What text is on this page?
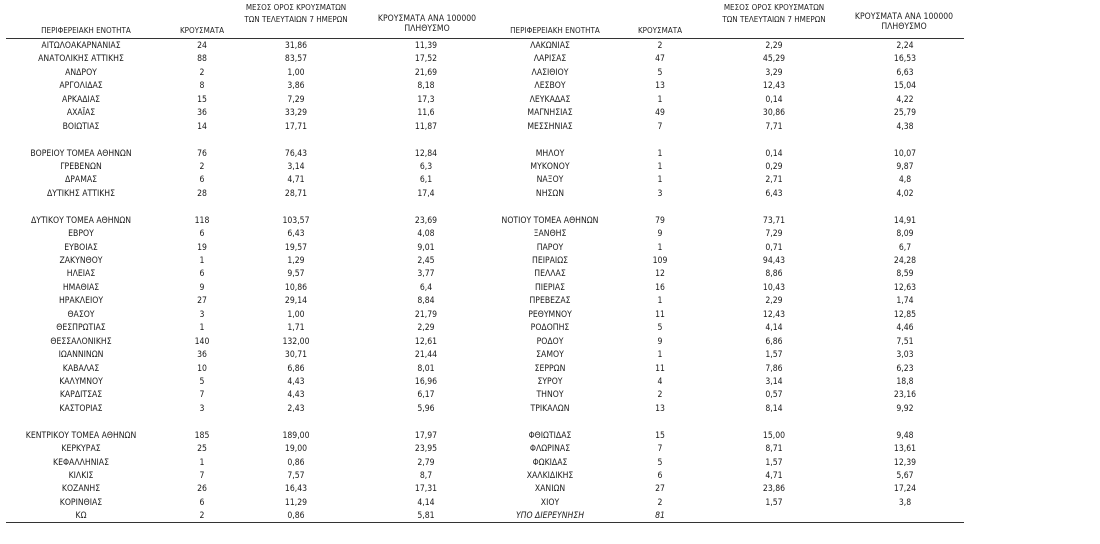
ΠΕΡΙΦΕΡΕΙΑΚΗ ΕΝΟΤΗΤΑ	ΚΡΟΥΣΜΑΤΑ
ΜΕΣΟΣ ΟΡΟΣ ΚΡΟΥΣΜΑΤΩΝ ΤΩΝ ΤΕΛΕΥΤΑΙΩΝ 7 ΗΜΕΡΩΝ	ΚΡΟΥΣΜΑΤΑ ΑΝΑ 100000 ΠΛΗΘΥΣΜΟ
ΑΙΤΩΛΟΑΚΑΡΝΑΝΙΑΣ	24	31,86	11,39
ΑΝΑΤΟΛΙΚΗΣ ΑΤΤΙΚΗΣ	88	83,57	17,52
ΑΝΔΡΟΥ	2	1,00	21,69
ΑΡΓΟΛΙΔΑΣ	8	3,86	8,18
ΑΡΚΑΔΙΑΣ	15	7,29	17,3
ΑΧΑΪΑΣ	36	33,29	11,6
ΒΟΙΩΤΙΑΣ	14	17,71	11,87
ΒΟΡΕΙΟΥ ΤΟΜΕΑ ΑΘΗΝΩΝ	76	76,43	12,84
ΓΡΕΒΕΝΩΝ	2	3,14	6,3
ΔΡΑΜΑΣ	6	4,71	6,1
ΔΥΤΙΚΗΣ ΑΤΤΙΚΗΣ	28	28,71	17,4
ΔΥΤΙΚΟΥ ΤΟΜΕΑ ΑΘΗΝΩΝ	118	103,57	23,69
ΕΒΡΟΥ	6	6,43	4,08
ΕΥΒΟΙΑΣ	19	19,57	9,01
ΖΑΚΥΝΘΟΥ	1	1,29	2,45
ΗΛΕΙΑΣ	6	9,57	3,77
ΗΜΑΘΙΑΣ	9	10,86	6,4
ΗΡΑΚΛΕΙΟΥ	27	29,14	8,84
ΘΑΣΟΥ	3	1,00	21,79
ΘΕΣΠΡΩΤΙΑΣ	1	1,71	2,29
ΘΕΣΣΑΛΟΝΙΚΗΣ	140	132,00	12,61
ΙΩΑΝΝΙΝΩΝ	36	30,71	21,44
ΚΑΒΑΛΑΣ	10	6,86	8,01
ΚΑΛΥΜΝΟΥ	5	4,43	16,96
ΚΑΡΔΙΤΣΑΣ	7	4,43	6,17
ΚΑΣΤΟΡΙΑΣ	3	2,43	5,96
ΚΕΝΤΡΙΚΟΥ ΤΟΜΕΑ ΑΘΗΝΩΝ	185	189,00	17,97
ΚΕΡΚΥΡΑΣ	25	19,00	23,95
ΚΕΦΑΛΛΗΝΙΑΣ	1	0,86	2,79
ΚΙΛΚΙΣ	7	7,57	8,7
ΚΟΖΑΝΗΣ	26	16,43	17,31
ΚΟΡΙΝΘΙΑΣ	6	11,29	4,14
ΚΩ	2	0,86	5,81
ΠΕΡΙΦΕΡΕΙΑΚΗ ΕΝΟΤΗΤΑ	ΚΡΟΥΣΜΑΤΑ
ΜΕΣΟΣ ΟΡΟΣ ΚΡΟΥΣΜΑΤΩΝ ΤΩΝ ΤΕΛΕΥΤΑΙΩΝ 7 ΗΜΕΡΩΝ	ΚΡΟΥΣΜΑΤΑ ΑΝΑ 100000 ΠΛΗΘΥΣΜΟ
ΛΑΚΩΝΙΑΣ	2	2,29	2,24
ΛΑΡΙΣΑΣ	47	45,29	16,53
ΛΑΣΙΘΙΟΥ	5	3,29	6,63
ΛΕΣΒΟΥ	13	12,43	15,04
ΛΕΥΚΑΔΑΣ	1	0,14	4,22
ΜΑΓΝΗΣΙΑΣ	49	30,86	25,79
ΜΕΣΣΗΝΙΑΣ	7	7,71	4,38
ΜΗΛΟΥ	1	0,14	10,07
ΜΥΚΟΝΟΥ	1	0,29	9,87
ΝΑΞΟΥ	1	2,71	4,8
ΝΗΣΩΝ	3	6,43	4,02
ΝΟΤΙΟΥ ΤΟΜΕΑ ΑΘΗΝΩΝ	79	73,71	14,91
ΞΑΝΘΗΣ	9	7,29	8,09
ΠΑΡΟΥ	1	0,71	6,7
ΠΕΙΡΑΙΩΣ	109	94,43	24,28
ΠΕΛΛΑΣ	12	8,86	8,59
ΠΙΕΡΙΑΣ	16	10,43	12,63
ΠΡΕΒΕΖΑΣ	1	2,29	1,74
ΡΕΘΥΜΝΟΥ	11	12,43	12,85
ΡΟΔΟΠΗΣ	5	4,14	4,46
ΡΟΔΟΥ	9	6,86	7,51
ΣΑΜΟΥ	1	1,57	3,03
ΣΕΡΡΩΝ	11	7,86	6,23
ΣΥΡΟΥ	4	3,14	18,8
ΤΗΝΟΥ	2	0,57	23,16
ΤΡΙΚΑΛΩΝ	13	8,14	9,92
ΦΘΙΩΤΙΔΑΣ	15	15,00	9,48
ΦΛΩΡΙΝΑΣ	7	8,71	13,61
ΦΩΚΙΔΑΣ	5	1,57	12,39
ΧΑΛΚΙΔΙΚΗΣ	6	4,71	5,67
ΧΑΝΙΩΝ	27	23,86	17,24
ΧΙΟΥ	2	1,57	3,8
ΥΠΟ ΔΙΕΡΕΥΝΗΣΗ	81
